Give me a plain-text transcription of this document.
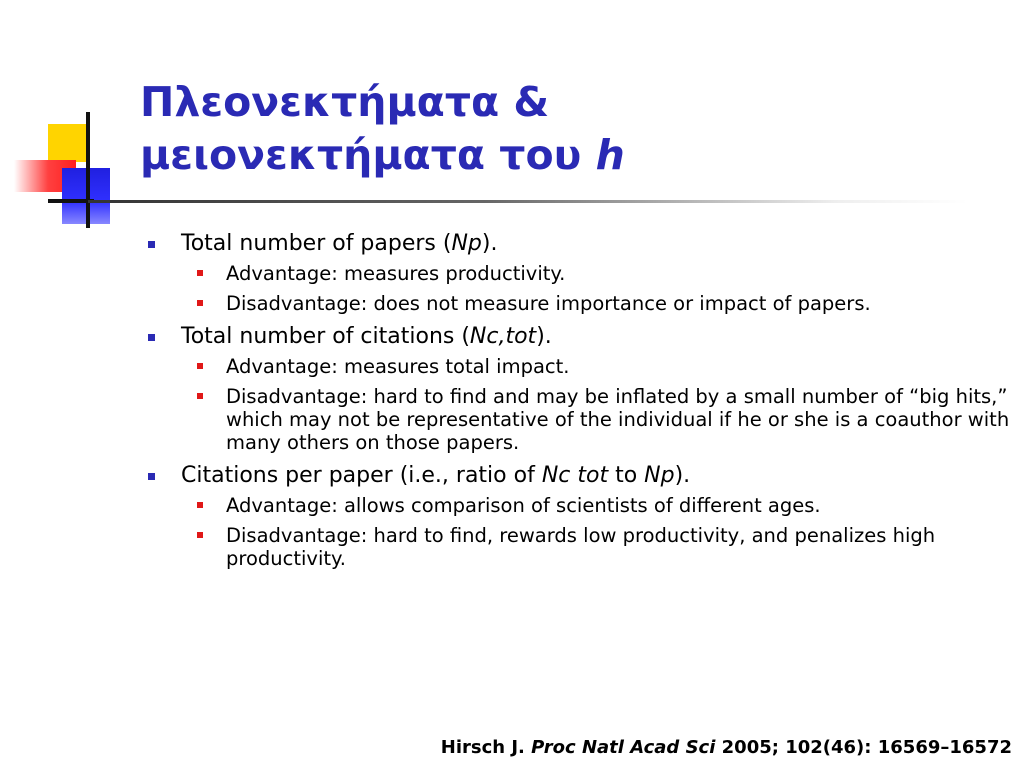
Πλεονεκτήματα &
μειονεκτήματα του h
Total number of papers (Np).
Advantage: measures productivity.
Disadvantage: does not measure importance or impact of papers.
Total number of citations (Nc,tot).
Advantage: measures total impact.
Disadvantage: hard to find and may be inflated by a small number of “big hits,” which may not be representative of the individual if he or she is a coauthor with many others on those papers.
Citations per paper (i.e., ratio of Nc tot to Np).
Advantage: allows comparison of scientists of different ages.
Disadvantage: hard to find, rewards low productivity, and penalizes high productivity.
Hirsch J. Proc Natl Acad Sci 2005; 102(46): 16569–16572
